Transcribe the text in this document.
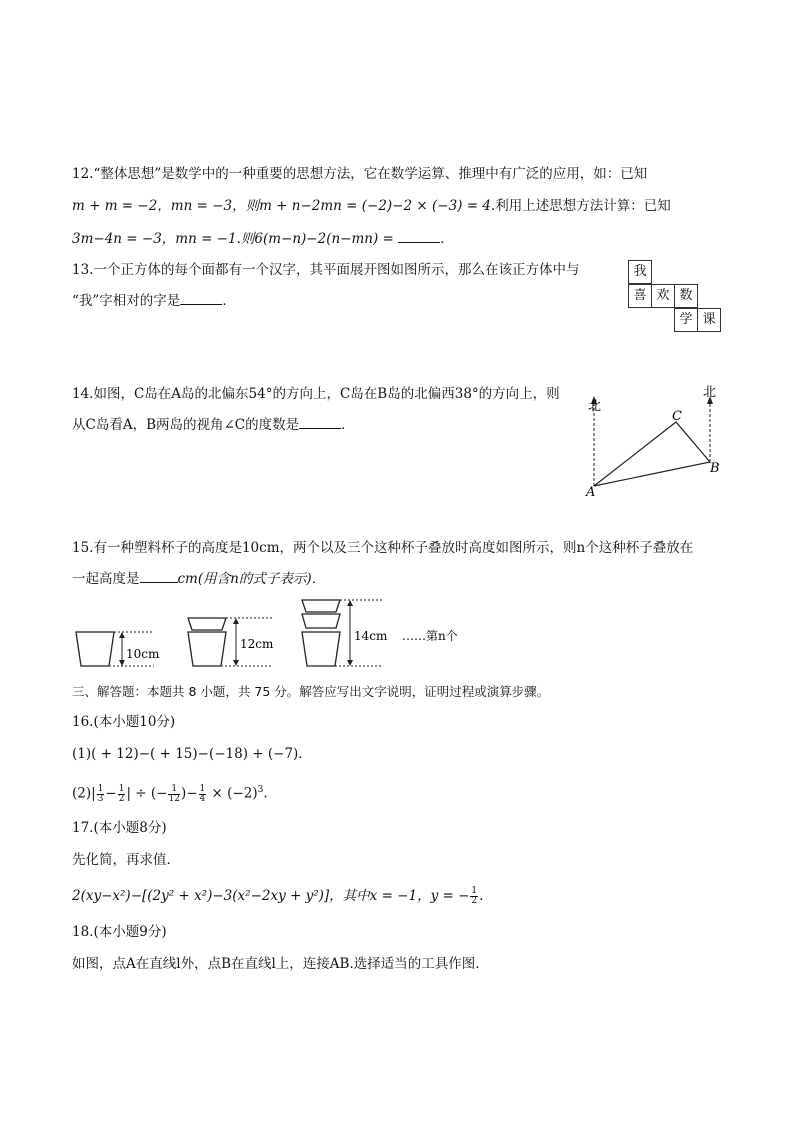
12.“整体思想”是数学中的一种重要的思想方法，它在数学运算、推理中有广泛的应用，如：已知
m + m = −2，mn = −3，则m + n−2mn = (−2)−2 × (−3) = 4.利用上述思想方法计算：已知
3m−4n = −3，mn = −1.则6(m−n)−2(n−mn) =	．
13.一个正方体的每个面都有一个汉字，其平面展开图如图所示，那么在该正方体中与
“我”字相对的字是	．
我
喜 欢 数
学 课
14.如图，C岛在A岛的北偏东54°的方向上，C岛在B岛的北偏西38°的方向上，则
从C岛看A，B两岛的视角∠C的度数是	．
北
北
C
B
A
15.有一种塑料杯子的高度是10cm，两个以及三个这种杯子叠放时高度如图所示，则n个这种杯子叠放在
一起高度是	cm(用含n的式子表示)．
10cm
12cm
14cm ……第n个
三、解答题：本题共 8 小题，共 75 分。解答应写出文字说明，证明过程或演算步骤。
16.(本小题10分)
(1)( + 12)−( + 15)−(−18) + (−7)．
$(2)| \frac{1}{3} - \frac{1}{2}$ | ÷ (− $\frac{1}{12}$ )− $\frac{1}{4} \times (-2)^3$.
17.(本小题8分)
先化简，再求值．
2(xy−x²)−[(2y² + x²)−3(x²−2xy + y²)]，其中x = −1，y = − $\frac{1}{2}$ .
18.(本小题9分)
如图，点A在直线l外，点B在直线l上，连接AB.选择适当的工具作图.
